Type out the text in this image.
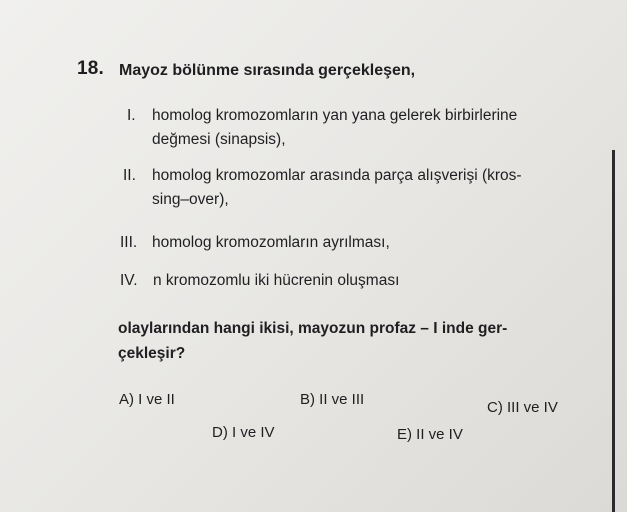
18. Mayoz bölünme sırasında gerçekleşen,
I. homolog kromozomların yan yana gelerek birbirlerine
değmesi (sinapsis),
II. homolog kromozomlar arasında parça alışverişi (kros-
sing–over),
III. homolog kromozomların ayrılması,
IV. n kromozomlu iki hücrenin oluşması
olaylarından hangi ikisi, mayozun profaz – I inde ger-
çekleşir?
A) I ve II	B) II ve III	C) III ve IV
D) I ve IV	E) II ve IV
